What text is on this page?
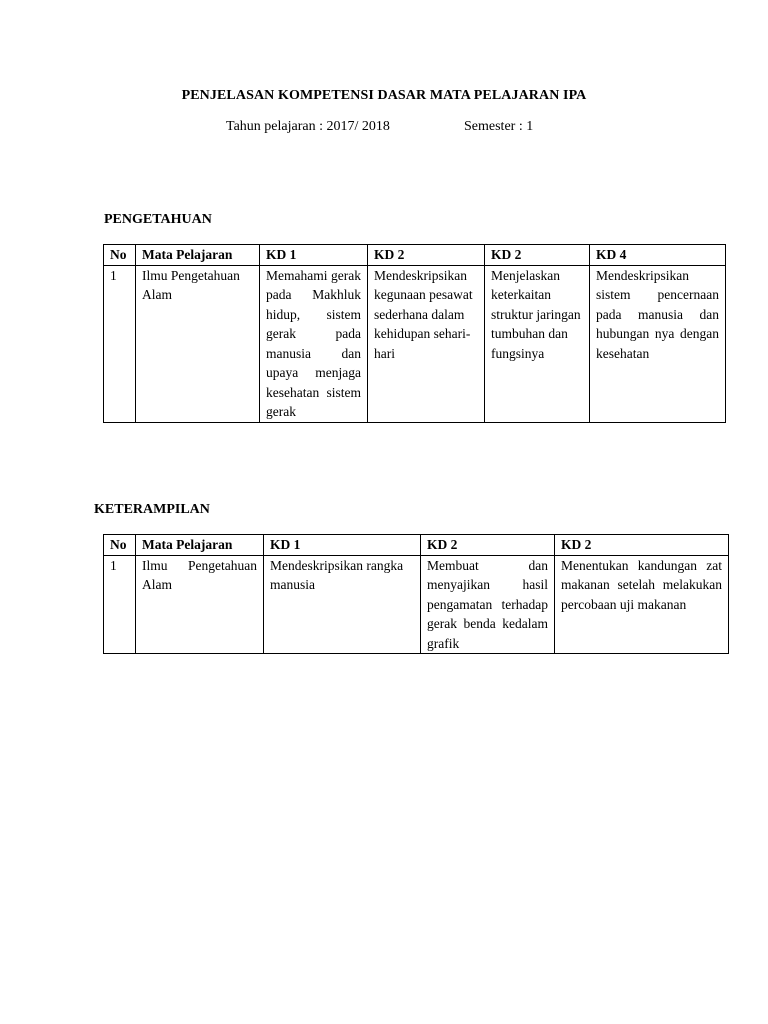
PENJELASAN KOMPETENSI DASAR MATA PELAJARAN IPA
Tahun pelajaran : 2017/ 2018	Semester : 1
PENGETAHUAN
No	Mata Pelajaran	KD 1	KD 2	KD 2	KD 4
1	Ilmu Pengetahuan Alam	Memahami gerak pada Makhluk hidup, sistem gerak pada manusia dan upaya menjaga kesehatan sistem gerak	Mendeskripsikan kegunaan pesawat sederhana dalam kehidupan sehari-hari	Menjelaskan keterkaitan struktur jaringan tumbuhan dan fungsinya	Mendeskripsikan sistem pencernaan pada manusia dan hubungan nya dengan kesehatan
KETERAMPILAN
No	Mata Pelajaran	KD 1	KD 2	KD 2
1	Ilmu Pengetahuan Alam	Mendeskripsikan rangka manusia	Membuat dan menyajikan hasil pengamatan terhadap gerak benda kedalam grafik	Menentukan kandungan zat makanan setelah melakukan percobaan uji makanan
